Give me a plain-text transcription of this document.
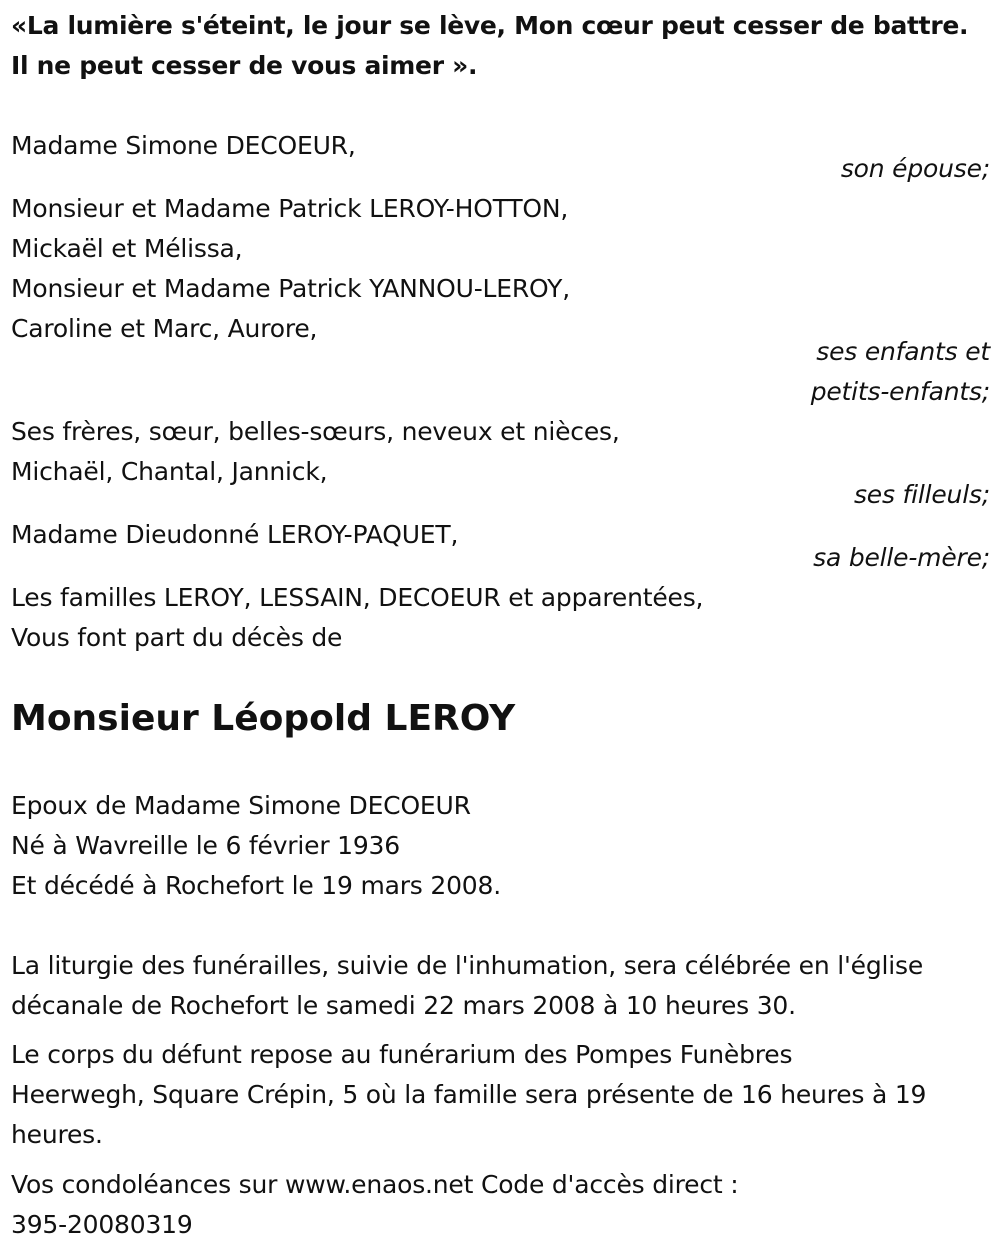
«La lumière s'éteint, le jour se lève, Mon cœur peut cesser de battre.
Il ne peut cesser de vous aimer ».
Madame Simone DECOEUR,
son épouse;
Monsieur et Madame Patrick LEROY-HOTTON,
Mickaël et Mélissa,
Monsieur et Madame Patrick YANNOU-LEROY,
Caroline et Marc, Aurore,
ses enfants et
petits-enfants;
Ses frères, sœur, belles-sœurs, neveux et nièces,
Michaël, Chantal, Jannick,
ses filleuls;
Madame Dieudonné LEROY-PAQUET,
sa belle-mère;
Les familles LEROY, LESSAIN, DECOEUR et apparentées,
Vous font part du décès de
Monsieur Léopold LEROY
Epoux de Madame Simone DECOEUR
Né à Wavreille le 6 février 1936
Et décédé à Rochefort le 19 mars 2008.
La liturgie des funérailles, suivie de l'inhumation, sera célébrée en l'église
décanale de Rochefort le samedi 22 mars 2008 à 10 heures 30.
Le corps du défunt repose au funérarium des Pompes Funèbres
Heerwegh, Square Crépin, 5 où la famille sera présente de 16 heures à 19
heures.
Vos condoléances sur www.enaos.net Code d'accès direct :
395-20080319
